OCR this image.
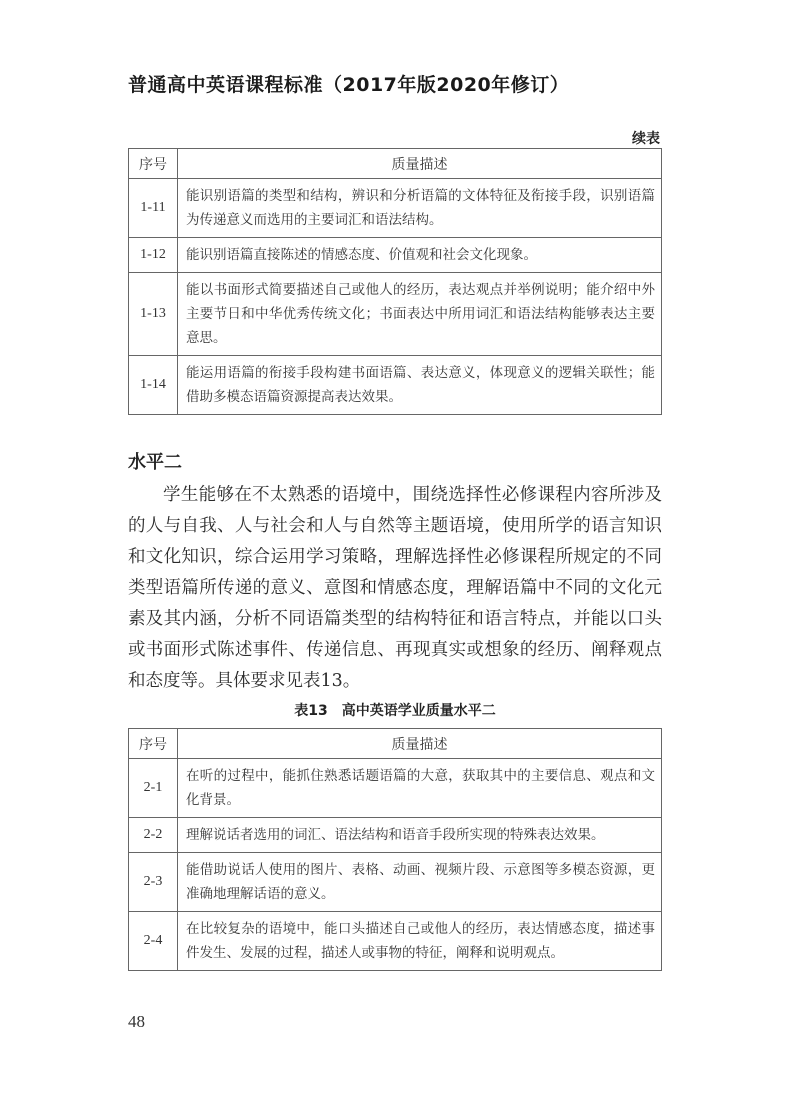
普通高中英语课程标准（2017年版2020年修订）
续表
序号	质量描述
1-11	能识别语篇的类型和结构，辨识和分析语篇的文体特征及衔接手段，识别语篇为传递意义而选用的主要词汇和语法结构。
1-12	能识别语篇直接陈述的情感态度、价值观和社会文化现象。
1-13	能以书面形式简要描述自己或他人的经历，表达观点并举例说明；能介绍中外主要节日和中华优秀传统文化；书面表达中所用词汇和语法结构能够表达主要意思。
1-14	能运用语篇的衔接手段构建书面语篇、表达意义，体现意义的逻辑关联性；能借助多模态语篇资源提高表达效果。
水平二

学生能够在不太熟悉的语境中，围绕选择性必修课程内容所涉及的人与自我、人与社会和人与自然等主题语境，使用所学的语言知识和文化知识，综合运用学习策略，理解选择性必修课程所规定的不同类型语篇所传递的意义、意图和情感态度，理解语篇中不同的文化元素及其内涵，分析不同语篇类型的结构特征和语言特点，并能以口头或书面形式陈述事件、传递信息、再现真实或想象的经历、阐释观点和态度等。具体要求见表13。

表13　高中英语学业质量水平二
序号	质量描述
2-1	在听的过程中，能抓住熟悉话题语篇的大意，获取其中的主要信息、观点和文化背景。
2-2	理解说话者选用的词汇、语法结构和语音手段所实现的特殊表达效果。
2-3	能借助说话人使用的图片、表格、动画、视频片段、示意图等多模态资源，更准确地理解话语的意义。
2-4	在比较复杂的语境中，能口头描述自己或他人的经历，表达情感态度，描述事件发生、发展的过程，描述人或事物的特征，阐释和说明观点。
48
